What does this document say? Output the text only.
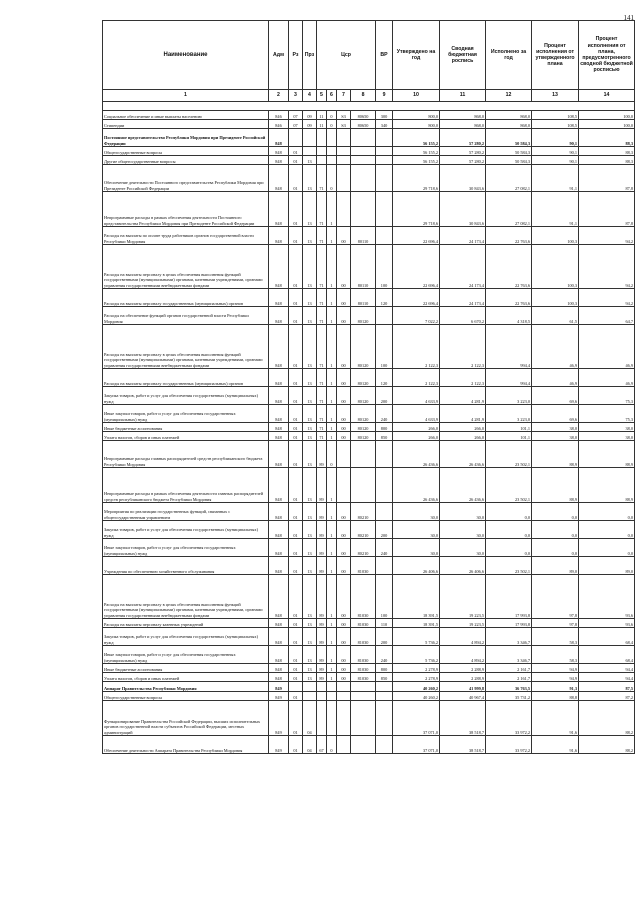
141
Наименование	Адм	Рз	Прз	Цср				ВР	Утверждено на год	Сводная бюджетная роспись	Исполнено за год	Процент исполнения от утвержденного плана	Процент исполнения от плана, предусмотренного сводной бюджетной росписью
1	2	3	4	5	6	7	8	9	10	11	12	13	14

Социальное обеспечение и иные выплаты населению	846	07	09	11	0	S3	80650	300	800,0	868,0	868,0	108,5	100,0
Стипендии	846	07	09	11	0	S3	80650	340	800,0	868,0	868,0	108,5	100,0
Постоянное представительство Республики Мордовия при Президенте Российской Федерации	848								56 155,2	57 280,2	50 584,3	90,1	88,3
Общегосударственные вопросы	848	01							56 155,2	57 280,2	50 584,3	90,1	88,3
Другие общегосударственные вопросы	848	01	13						56 155,2	57 280,2	50 584,3	90,1	88,3
Обеспечение деятельности Постоянного представительства Республики Мордовия при Президенте Российской Федерации	848	01	13	71	0				29 718,6	30 843,6	27 082,1	91,1	87,8
Непрограммные расходы в рамках обеспечения деятельности Постоянного представительства Республики Мордовия при Президенте Российской Федерации	848	01	13	71	1				29 718,6	30 843,6	27 082,1	91,1	87,8
Расходы на выплаты по оплате труда работников органов государственной власти Республики Мордовия	848	01	13	71	1	00	80110		22 696,4	24 173,4	22 763,6	100,3	94,2
Расходы на выплаты персоналу в целях обеспечения выполнения функций государственными (муниципальными) органами, казенными учреждениями, органами управления государственными внебюджетными фондами	848	01	13	71	1	00	80110	100	22 696,4	24 173,4	22 763,6	100,3	94,2
Расходы на выплаты персоналу государственных (муниципальных) органов	848	01	13	71	1	00	80110	120	22 696,4	24 173,4	22 763,6	100,3	94,2
Расходы на обеспечение функций органов государственной власти Республики Мордовия	848	01	13	71	1	00	80120		7 022,2	6 670,2	4 318,5	61,5	64,7
Расходы на выплаты персоналу в целях обеспечения выполнения функций государственными (муниципальными) органами, казенными учреждениями, органами управления государственными внебюджетными фондами	848	01	13	71	1	00	80120	100	2 122,3	2 122,3	994,4	46,9	46,9
Расходы на выплаты персоналу государственных (муниципальных) органов	848	01	13	71	1	00	80120	120	2 122,3	2 122,3	994,4	46,9	46,9
Закупка товаров, работ и услуг для обеспечения государственных (муниципальных) нужд	848	01	13	71	1	00	80120	200	4 633,9	4 281,9	3 223,0	69,6	75,3
Иные закупки товаров, работ и услуг для обеспечения государственных (муниципальных) нужд	848	01	13	71	1	00	80120	240	4 633,9	4 281,9	3 223,0	69,6	75,3
Иные бюджетные ассигнования	848	01	13	71	1	00	80120	800	266,0	266,0	101,1	38,0	38,0
Уплата налогов, сборов и иных платежей	848	01	13	71	1	00	80120	850	266,0	266,0	101,1	38,0	38,0
Непрограммные расходы главных распорядителей средств республиканского бюджета Республики Мордовия	848	01	13	89	0				26 436,6	26 436,6	23 502,1	88,9	88,9
Непрограммные расходы в рамках обеспечения деятельности главных распорядителей средств республиканского бюджета Республики Мордовия	848	01	13	89	1				26 436,6	26 436,6	23 502,1	88,9	88,9
Мероприятия по реализации государственных функций, связанных с общегосударственным управлением	848	01	13	89	1	00	80210		30,0	30,0	0,0	0,0	0,0
Закупка товаров, работ и услуг для обеспечения государственных (муниципальных) нужд	848	01	13	89	1	00	80210	200	30,0	30,0	0,0	0,0	0,0
Иные закупки товаров, работ и услуг для обеспечения государственных (муниципальных) нужд	848	01	13	89	1	00	80210	240	30,0	30,0	0,0	0,0	0,0
Учреждения по обеспечению хозяйственного обслуживания	848	01	13	89	1	00	81030		26 406,6	26 406,6	23 502,1	89,0	89,0
Расходы на выплаты персоналу в целях обеспечения выполнения функций государственными (муниципальными) органами, казенными учреждениями, органами управления государственными внебюджетными фондами	848	01	13	89	1	00	81030	100	18 391,5	19 223,5	17 993,8	97,8	93,6
Расходы на выплаты персоналу казенных учреждений	848	01	13	89	1	00	81030	110	18 391,5	19 223,5	17 993,8	97,8	93,6
Закупка товаров, работ и услуг для обеспечения государственных (муниципальных) нужд	848	01	13	89	1	00	81030	200	5 736,2	4 894,2	3 346,7	58,3	68,4
Иные закупки товаров, работ и услуг для обеспечения государственных (муниципальных) нужд	848	01	13	89	1	00	81030	240	5 736,2	4 894,2	3 346,7	58,3	68,4
Иные бюджетные ассигнования	848	01	13	89	1	00	81030	800	2 278,9	2 288,9	2 161,7	94,9	94,4
Уплата налогов, сборов и иных платежей	848	01	13	89	1	00	81030	850	2 278,9	2 288,9	2 161,7	94,9	94,4
Аппарат Правительства Республики Мордовия	849								40 260,2	41 999,8	36 763,5	91,3	87,5
Общегосударственные вопросы	849	01							40 260,2	40 967,4	35 731,2	88,8	87,2
Функционирование Правительства Российской Федерации, высших исполнительных органов государственной власти субъектов Российской Федерации, местных администраций	849	01	04						37 071,0	38 518,7	33 972,2	91,6	88,2
Обеспечение деятельности Аппарата Правительства Республики Мордовия	849	01	04	67	0				37 071,0	38 518,7	33 972,2	91,6	88,2
